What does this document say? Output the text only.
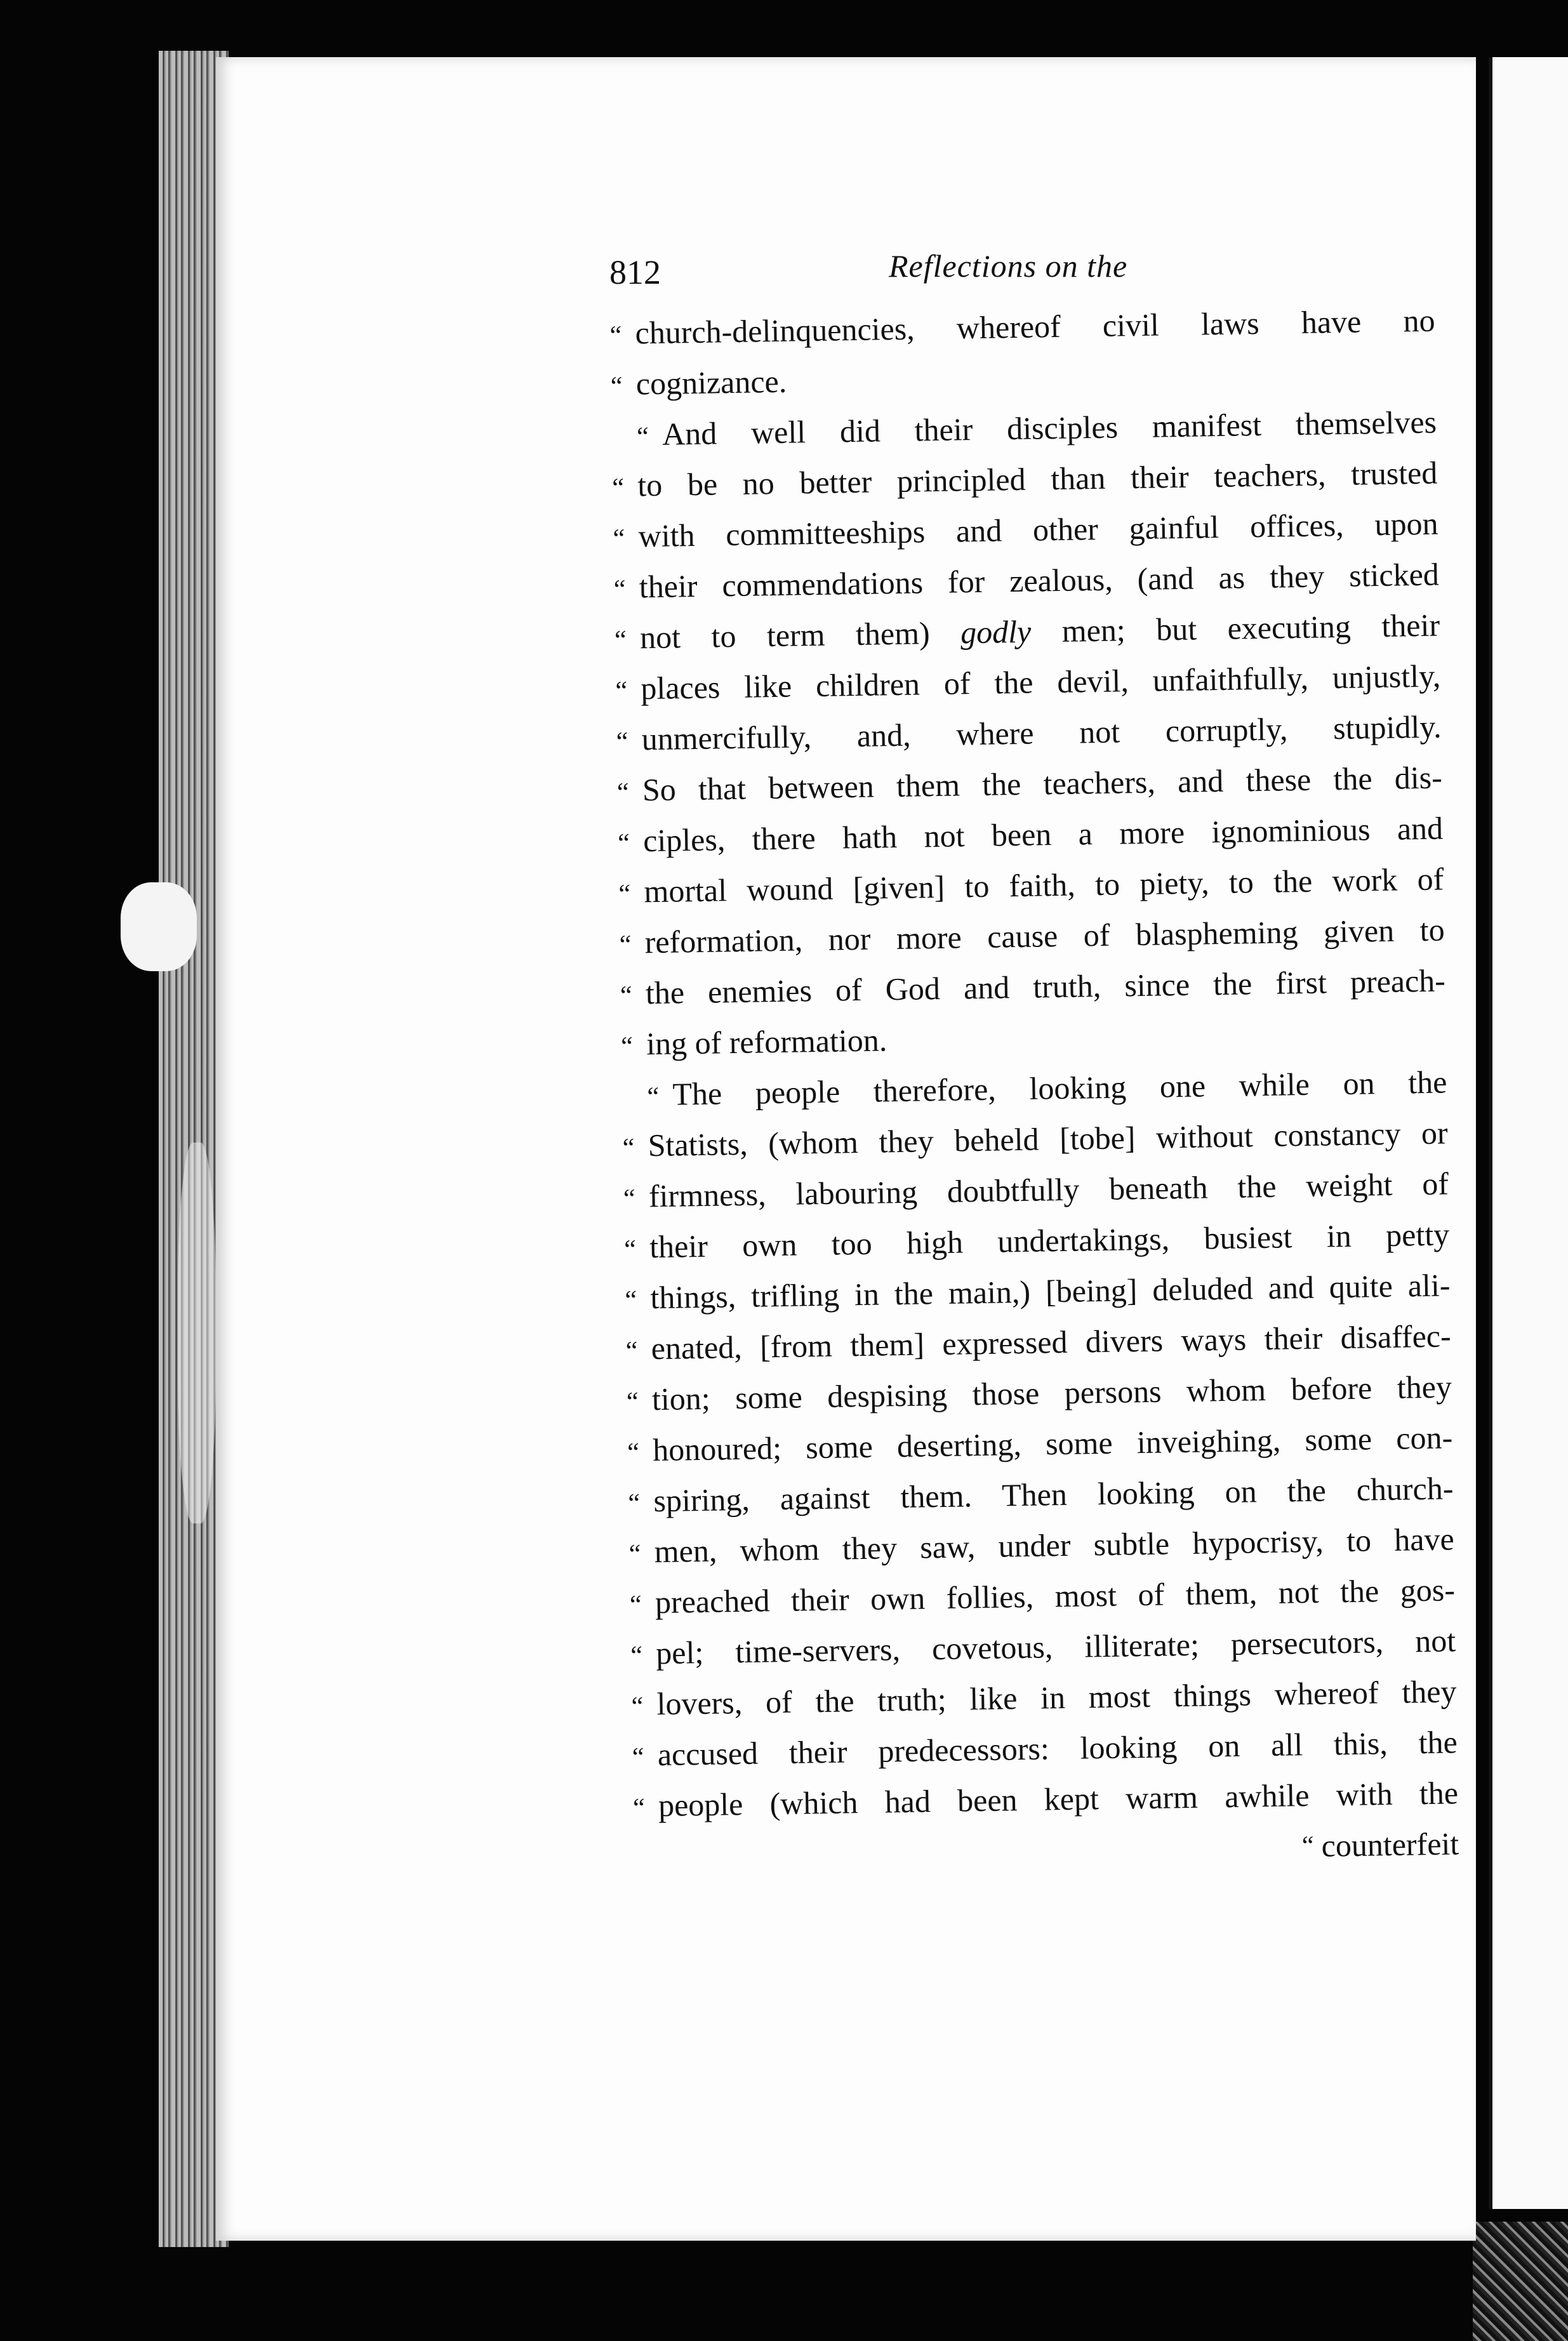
812	Reflections on the
“ church-delinquencies, whereof civil laws have no
“ cognizance.
“ And well did their disciples manifest themselves
“ to be no better principled than their teachers, trusted
“ with committeeships and other gainful offices, upon
“ their commendations for zealous, (and as they sticked
“ not to term them) godly men; but executing their
“ places like children of the devil, unfaithfully, unjustly,
“ unmercifully, and, where not corruptly, stupidly.
“ So that between them the teachers, and these the dis-
“ ciples, there hath not been a more ignominious and
“ mortal wound [given] to faith, to piety, to the work of
“ reformation, nor more cause of blaspheming given to
“ the enemies of God and truth, since the first preach-
“ ing of reformation.
“ The people therefore, looking one while on the
“ Statists, (whom they beheld [tobe] without constancy or
“ firmness, labouring doubtfully beneath the weight of
“ their own too high undertakings, busiest in petty
“ things, trifling in the main,) [being] deluded and quite ali-
“ enated, [from them] expressed divers ways their disaffec-
“ tion; some despising those persons whom before they
“ honoured; some deserting, some inveighing, some con-
“ spiring, against them. Then looking on the church-
“ men, whom they saw, under subtle hypocrisy, to have
“ preached their own follies, most of them, not the gos-
“ pel; time-servers, covetous, illiterate; persecutors, not
“ lovers, of the truth; like in most things whereof they
“ accused their predecessors: looking on all this, the
“ people (which had been kept warm awhile with the
“ counterfeit
